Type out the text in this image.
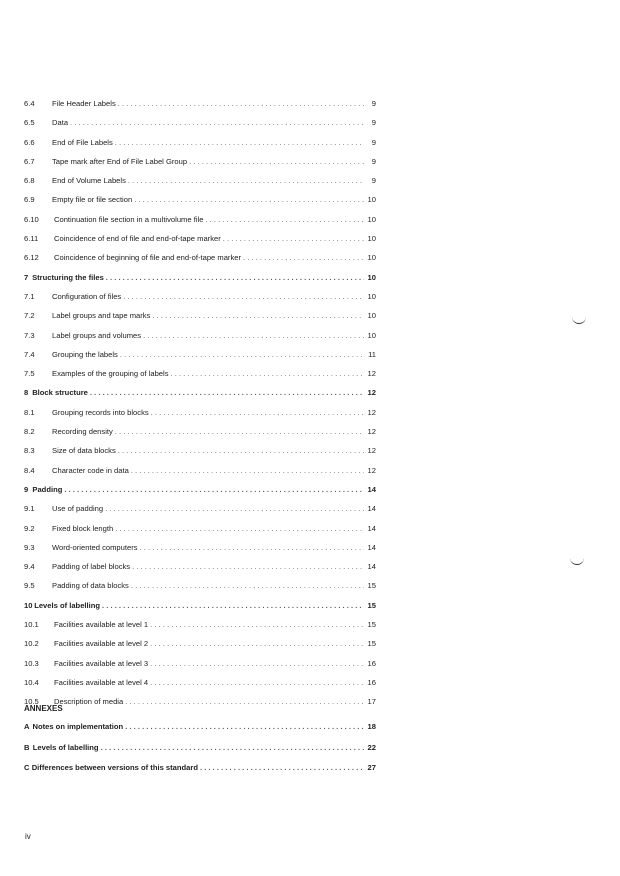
6.4	File Header Labels . . .	9
6.5	Data . . .	9
6.6	End of File Labels . . .	9
6.7	Tape mark after End of File Label Group . . .	9
6.8	End of Volume Labels . . .	9
6.9	Empty file or file section . . .	10
6.10	Continuation file section in a multivolume file . . .	10
6.11	Coincidence of end of file and end-of-tape marker . . .	10
6.12	Coincidence of beginning of file and end-of-tape marker . . .	10
7 Structuring the files . . .	10
7.1	Configuration of files . . .	10
7.2	Label groups and tape marks . . .	10
7.3	Label groups and volumes . . .	10
7.4	Grouping the labels . . .	11
7.5	Examples of the grouping of labels . . .	12
8 Block structure . . .	12
8.1	Grouping records into blocks . . .	12
8.2	Recording density . . .	12
8.3	Size of data blocks . . .	12
8.4	Character code in data . . .	12
9 Padding . . .	14
9.1	Use of padding . . .	14
9.2	Fixed block length . . .	14
9.3	Word-oriented computers . . .	14
9.4	Padding of label blocks . . .	14
9.5	Padding of data blocks . . .	15
10 Levels of labelling . . .	15
10.1	Facilities available at level 1 . . .	15
10.2	Facilities available at level 2 . . .	15
10.3	Facilities available at level 3 . . .	16
10.4	Facilities available at level 4 . . .	16
10.5	Description of media . . .	17
ANNEXES
A Notes on implementation . . .	18
B Levels of labelling . . .	22
C Differences between versions of this standard . . .	27
iv
